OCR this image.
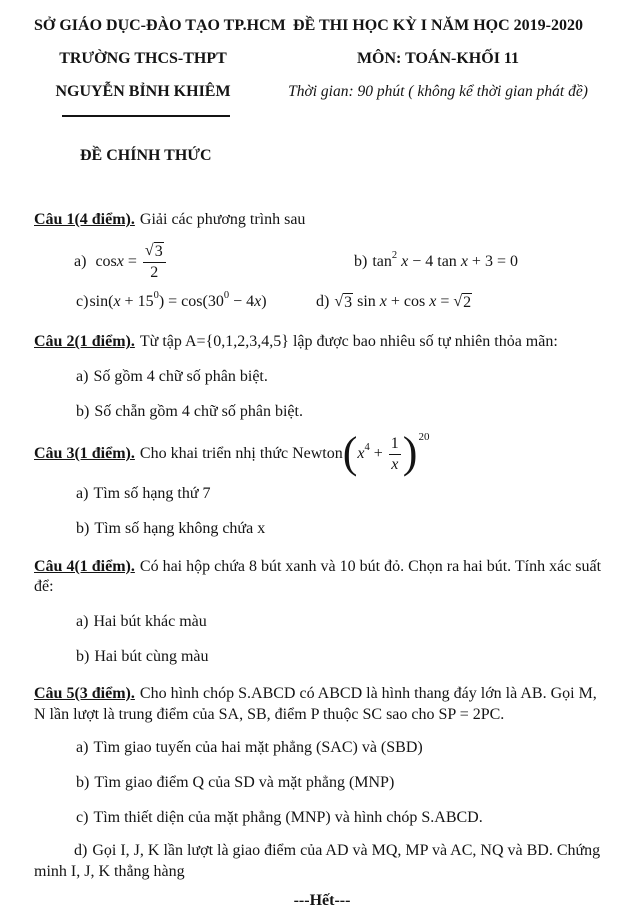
SỞ GIÁO DỤC-ĐÀO TẠO TP.HCM
TRƯỜNG THCS-THPT
NGUYỄN BỈNH KHIÊM
ĐỀ THI HỌC KỲ I NĂM HỌC 2019-2020
MÔN: TOÁN-KHỐI 11
Thời gian: 90 phút ( không kể thời gian phát đề)
ĐỀ CHÍNH THỨC

Câu 1(4 điểm). Giải các phương trình sau

a) $\cos x = \frac{√ 3}{2}$	b) tan 2
x − 4 tan x + 3 = 0
c) sin( x + 15 0 ) = cos(30 0 − 4 x )	d) √ 3 sin x + cos x = √ 2

Câu 2(1 điểm). Từ tập A={0,1,2,3,4,5} lập được bao nhiêu số tự nhiên thỏa mãn:

a) Số gồm 4 chữ số phân biệt.

b) Số chẵn gồm 4 chữ số phân biệt.

Câu 3(1 điểm). Cho khai triển nhị thức Newton ( x $4 + \frac{1}{x}$ ) 20

a) Tìm số hạng thứ 7

b) Tìm số hạng không chứa x

Câu 4(1 điểm). Có hai hộp chứa 8 bút xanh và 10 bút đỏ. Chọn ra hai bút. Tính xác suất để:

a) Hai bút khác màu

b) Hai bút cùng màu

Câu 5(3 điểm). Cho hình chóp S.ABCD có ABCD là hình thang đáy lớn là AB. Gọi M, N lần lượt là trung điểm của SA, SB, điểm P thuộc SC sao cho SP = 2PC.

a) Tìm giao tuyến của hai mặt phẳng (SAC) và (SBD)

b) Tìm giao điểm Q của SD và mặt phẳng (MNP)

c) Tìm thiết diện của mặt phẳng (MNP) và hình chóp S.ABCD.

d) Gọi I, J, K lần lượt là giao điểm của AD và MQ, MP và AC, NQ và BD. Chứng minh I, J, K thẳng hàng

---Hết---
